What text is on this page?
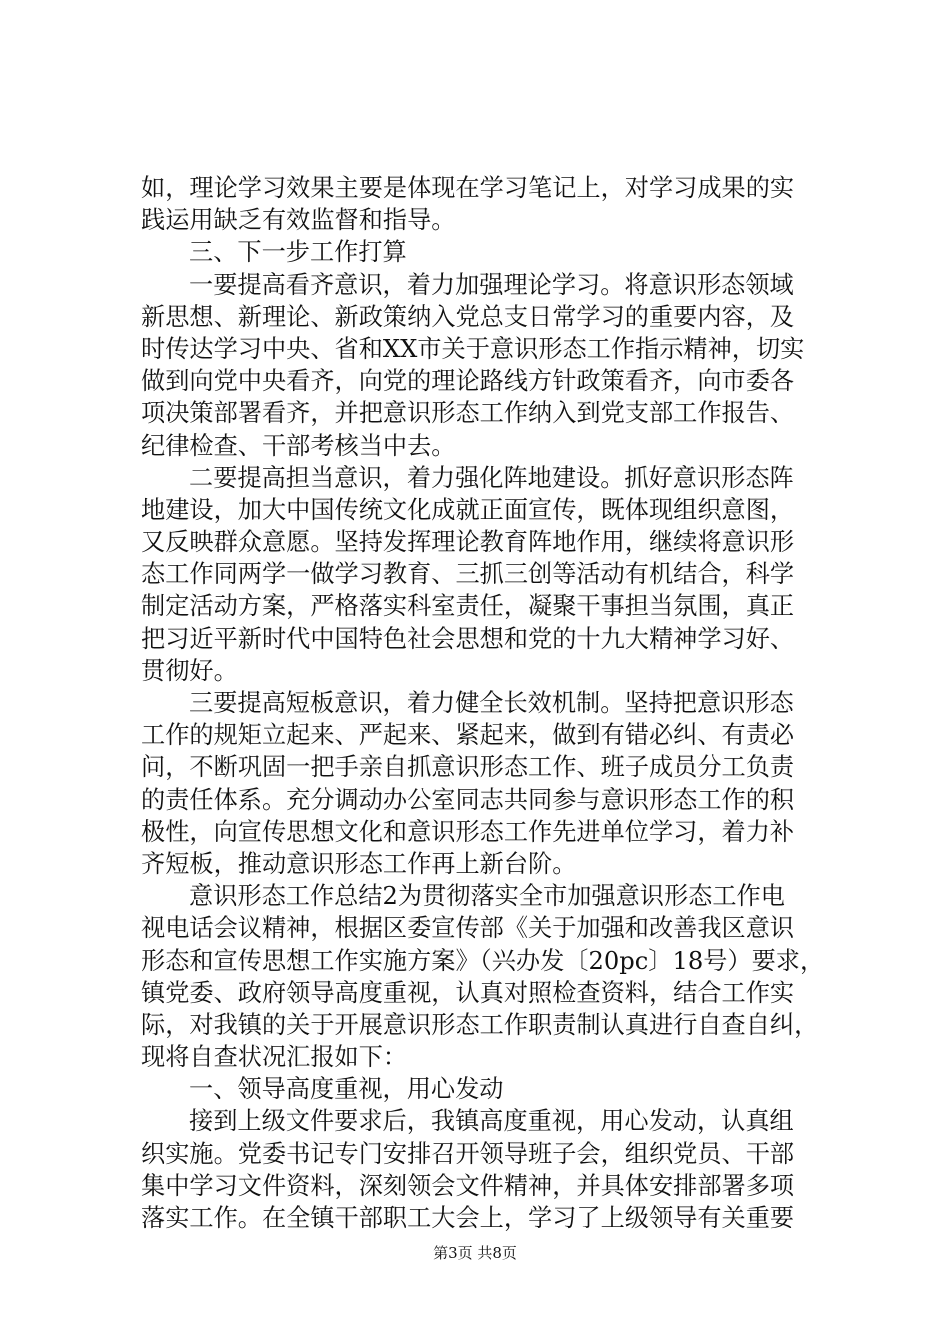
如，理论学习效果主要是体现在学习笔记上，对学习成果的实
践运用缺乏有效监督和指导。
三、下一步工作打算
一要提高看齐意识，着力加强理论学习。将意识形态领域
新思想、新理论、新政策纳入党总支日常学习的重要内容，及
时传达学习中央、省和XX市关于意识形态工作指示精神，切实
做到向党中央看齐，向党的理论路线方针政策看齐，向市委各
项决策部署看齐，并把意识形态工作纳入到党支部工作报告、
纪律检查、干部考核当中去。
二要提高担当意识，着力强化阵地建设。抓好意识形态阵
地建设，加大中国传统文化成就正面宣传，既体现组织意图，
又反映群众意愿。坚持发挥理论教育阵地作用，继续将意识形
态工作同两学一做学习教育、三抓三创等活动有机结合，科学
制定活动方案，严格落实科室责任，凝聚干事担当氛围，真正
把习近平新时代中国特色社会思想和党的十九大精神学习好、
贯彻好。
三要提高短板意识，着力健全长效机制。坚持把意识形态
工作的规矩立起来、严起来、紧起来，做到有错必纠、有责必
问，不断巩固一把手亲自抓意识形态工作、班子成员分工负责
的责任体系。充分调动办公室同志共同参与意识形态工作的积
极性，向宣传思想文化和意识形态工作先进单位学习，着力补
齐短板，推动意识形态工作再上新台阶。
意识形态工作总结2为贯彻落实全市加强意识形态工作电
视电话会议精神，根据区委宣传部《关于加强和改善我区意识
形态和宣传思想工作实施方案》（兴办发〔20pc〕18号）要求，
镇党委、政府领导高度重视，认真对照检查资料，结合工作实
际，对我镇的关于开展意识形态工作职责制认真进行自查自纠，
现将自查状况汇报如下：
一、领导高度重视，用心发动
接到上级文件要求后，我镇高度重视，用心发动，认真组
织实施。党委书记专门安排召开领导班子会，组织党员、干部
集中学习文件资料，深刻领会文件精神，并具体安排部署多项
落实工作。在全镇干部职工大会上，学习了上级领导有关重要
第3页 共8页
